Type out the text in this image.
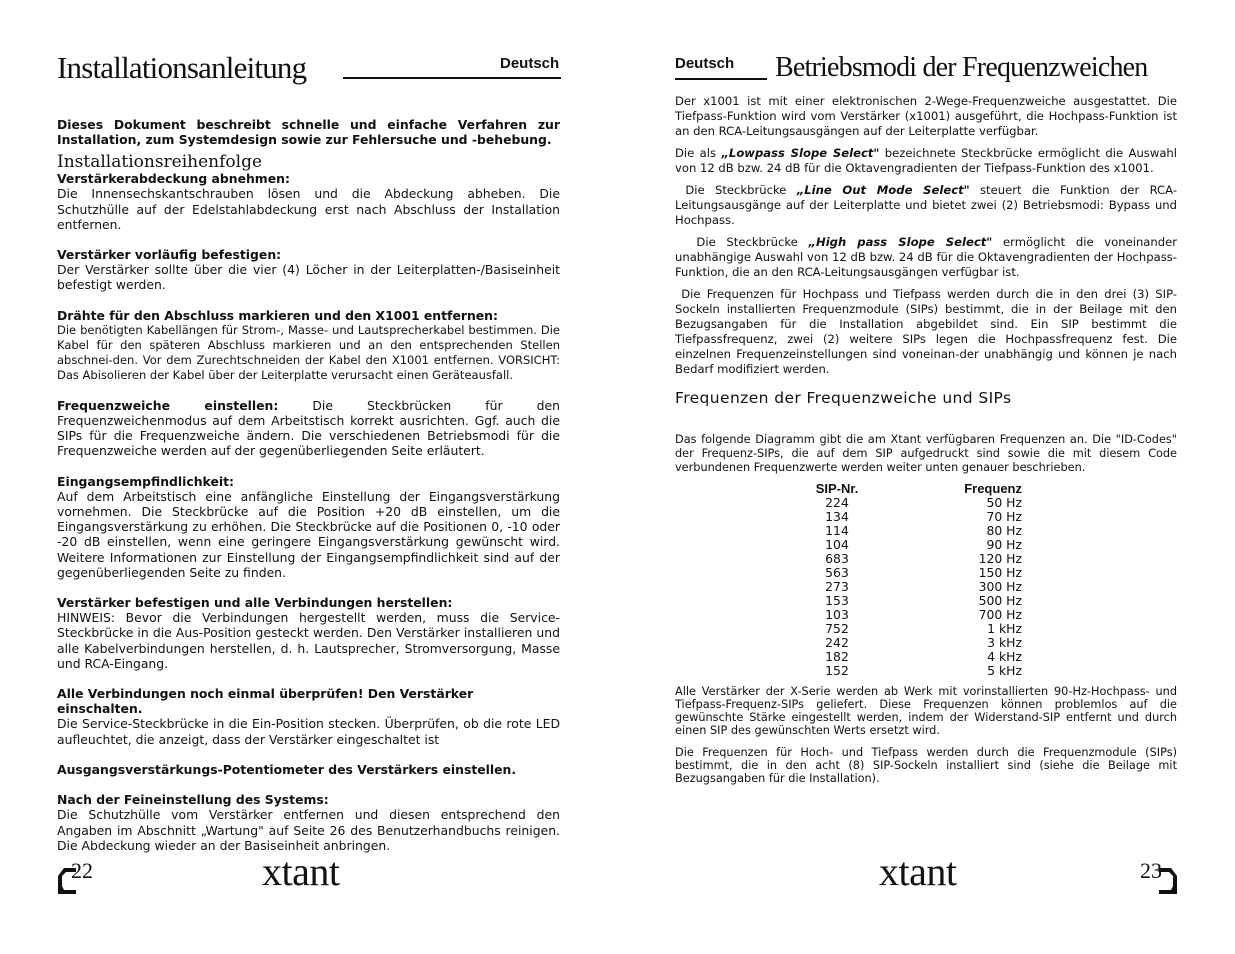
Installationsanleitung	Deutsch

Dieses Dokument beschreibt schnelle und einfache Verfahren zur Installation, zum Systemdesign sowie zur Fehlersuche und -behebung.

Installationsreihenfolge
Verstärkerabdeckung abnehmen:

Die Innensechskantschrauben lösen und die Abdeckung abheben. Die Schutzhülle auf der Edelstahlabdeckung erst nach Abschluss der Installation entfernen.

Verstärker vorläufig befestigen:

Der Verstärker sollte über die vier (4) Löcher in der Leiterplatten-/Basiseinheit befestigt werden.

Drähte für den Abschluss markieren und den X1001 entfernen:

Die benötigten Kabellängen für Strom-, Masse- und Lautsprecherkabel bestimmen. Die Kabel für den späteren Abschluss markieren und an den entsprechenden Stellen abschnei-den. Vor dem Zurechtschneiden der Kabel den X1001 entfernen. VORSICHT: Das Abisolieren der Kabel über der Leiterplatte verursacht einen Geräteausfall.

Frequenzweiche einstellen:	Die Steckbrücken für den Frequenzweichenmodus auf dem Arbeitstisch korrekt ausrichten. Ggf. auch die SIPs für die Frequenzweiche ändern. Die verschiedenen Betriebsmodi für die Frequenzweiche werden auf der gegenüberliegenden Seite erläutert.

Eingangsempfindlichkeit:

Auf dem Arbeitstisch eine anfängliche Einstellung der Eingangsverstärkung vornehmen. Die Steckbrücke auf die Position +20 dB einstellen, um die Eingangsverstärkung zu erhöhen. Die Steckbrücke auf die Positionen 0, -10 oder -20 dB einstellen, wenn eine geringere Eingangsverstärkung gewünscht wird. Weitere Informationen zur Einstellung der Eingangsempfindlichkeit sind auf der gegenüberliegenden Seite zu finden.

Verstärker befestigen und alle Verbindungen herstellen:

HINWEIS: Bevor die Verbindungen hergestellt werden, muss die Service-Steckbrücke in die Aus-Position gesteckt werden. Den Verstärker installieren und alle Kabelverbindungen herstellen, d. h. Lautsprecher, Stromversorgung, Masse und RCA-Eingang.

Alle Verbindungen noch einmal überprüfen! Den Verstärker einschalten.

Die Service-Steckbrücke in die Ein-Position stecken. Überprüfen, ob die rote LED aufleuchtet, die anzeigt, dass der Verstärker eingeschaltet ist

Ausgangsverstärkungs-Potentiometer des Verstärkers einstellen.
Nach der Feineinstellung des Systems:

Die Schutzhülle vom Verstärker entfernen und diesen entsprechend den Angaben im Abschnitt „Wartung" auf Seite 26 des Benutzerhandbuchs reinigen. Die Abdeckung wieder an der Basiseinheit anbringen.

22	xtant
Deutsch Betriebsmodi der Frequenzweichen

Der x1001 ist mit einer elektronischen 2-Wege-Frequenzweiche ausgestattet. Die Tiefpass-Funktion wird vom Verstärker (x1001) ausgeführt, die Hochpass-Funktion ist an den RCA-Leitungsausgängen auf der Leiterplatte verfügbar.

Die als „Lowpass Slope Select" bezeichnete Steckbrücke ermöglicht die Auswahl von 12 dB bzw. 24 dB für die Oktavengradienten der Tiefpass-Funktion des x1001.

Die Steckbrücke „Line Out Mode Select" steuert die Funktion der RCA-Leitungsausgänge auf der Leiterplatte und bietet zwei (2) Betriebsmodi: Bypass und Hochpass.

Die Steckbrücke „High pass Slope Select" ermöglicht die voneinander unabhängige Auswahl von 12 dB bzw. 24 dB für die Oktavengradienten der Hochpass-Funktion, die an den RCA-Leitungsausgängen verfügbar ist.

Die Frequenzen für Hochpass und Tiefpass werden durch die in den drei (3) SIP-Sockeln installierten Frequenzmodule (SIPs) bestimmt, die in der Beilage mit den Bezugsangaben für die Installation abgebildet sind. Ein SIP bestimmt die Tiefpassfrequenz, zwei (2) weitere SIPs legen die Hochpassfrequenz fest. Die einzelnen Frequenzeinstellungen sind voneinan-der unabhängig und können je nach Bedarf modifiziert werden.

Frequenzen der Frequenzweiche und SIPs

Das folgende Diagramm gibt die am Xtant verfügbaren Frequenzen an. Die "ID-Codes" der Frequenz-SIPs, die auf dem SIP aufgedruckt sind sowie die mit diesem Code verbundenen Frequenzwerte werden weiter unten genauer beschrieben.

SIP-Nr.		Frequenz
224		50 Hz
134		70 Hz
114		80 Hz
104		90 Hz
683		120 Hz
563		150 Hz
273		300 Hz
153		500 Hz
103		700 Hz
752		1 kHz
242		3 kHz
182		4 kHz
152		5 kHz

Alle Verstärker der X-Serie werden ab Werk mit vorinstallierten 90-Hz-Hochpass- und Tiefpass-Frequenz-SIPs geliefert. Diese Frequenzen können problemlos auf die gewünschte Stärke eingestellt werden, indem der Widerstand-SIP entfernt und durch einen SIP des gewünschten Werts ersetzt wird.

Die Frequenzen für Hoch- und Tiefpass werden durch die Frequenzmodule (SIPs) bestimmt, die in den acht (8) SIP-Sockeln installiert sind (siehe die Beilage mit Bezugsangaben für die Installation).

xtant	23
